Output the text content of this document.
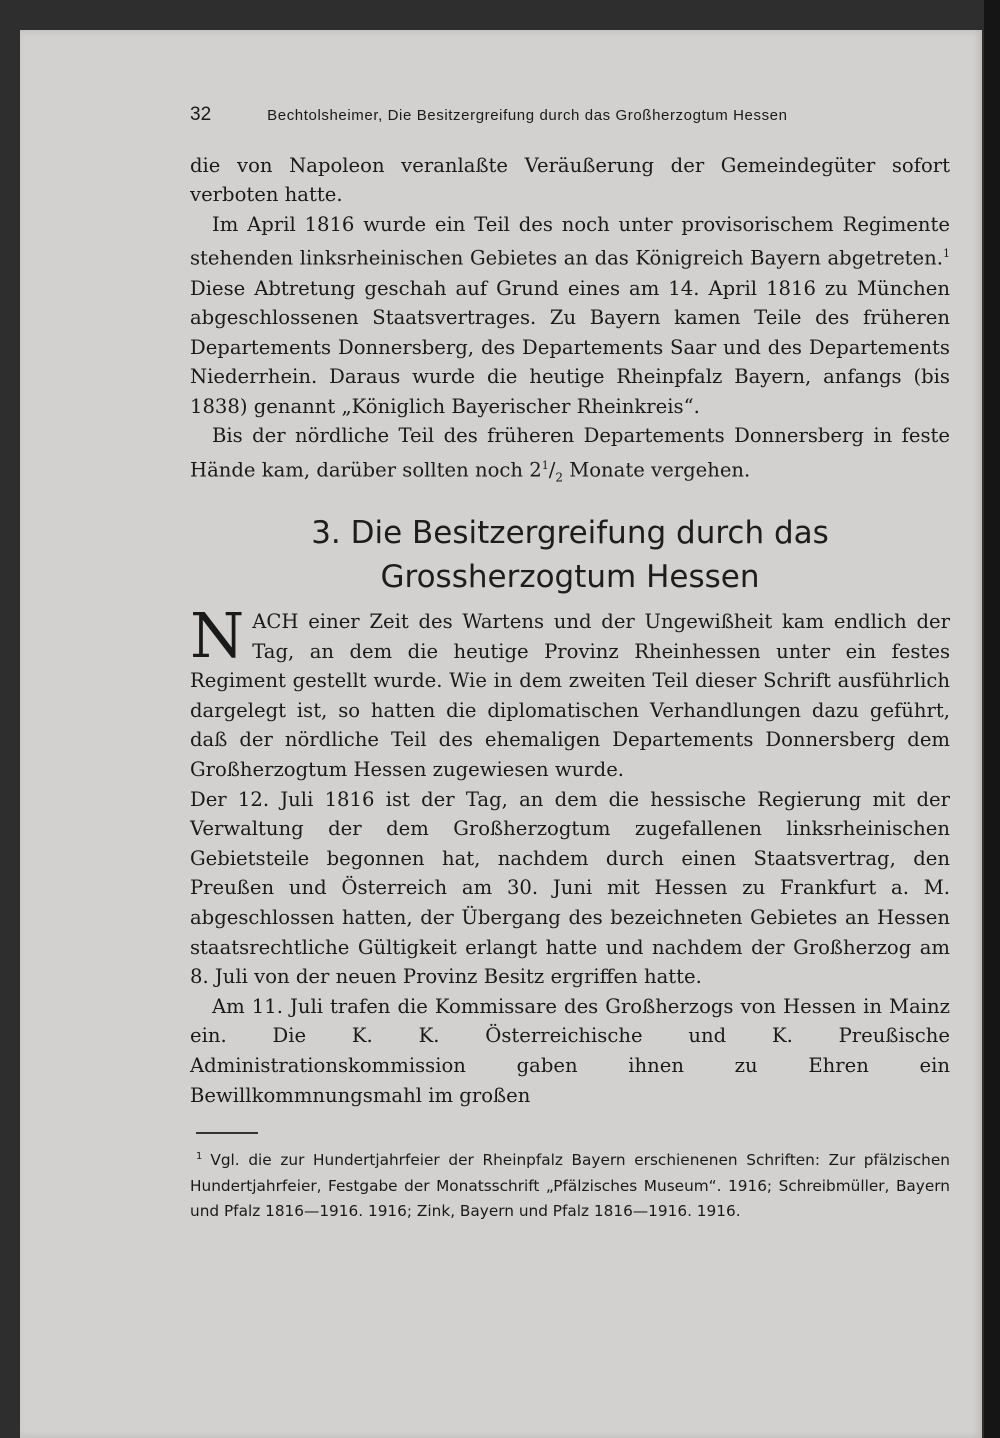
32	Bechtolsheimer, Die Besitzergreifung durch das Großherzogtum Hessen

die von Napoleon veranlaßte Veräußerung der Gemeindegüter sofort verboten hatte.

Im April 1816 wurde ein Teil des noch unter provisorischem Regimente stehenden linksrheinischen Gebietes an das Königreich Bayern abgetreten.$^1$ Diese Abtretung geschah auf Grund eines am 14. April 1816 zu München abgeschlossenen Staatsvertrages. Zu Bayern kamen Teile des früheren Departements Donnersberg, des Departements Saar und des Departements Niederrhein. Daraus wurde die heutige Rheinpfalz Bayern, anfangs (bis 1838) genannt „Königlich Bayerischer Rheinkreis“.

Bis der nördliche Teil des früheren Departements Donnersberg in feste Hände kam, darüber sollten noch $2^1/_2$ Monate vergehen.

3. Die Besitzergreifung durch das
Grossherzogtum Hessen

NACH einer Zeit des Wartens und der Ungewißheit kam endlich der Tag, an dem die heutige Provinz Rheinhessen unter ein festes Regiment gestellt wurde. Wie in dem zweiten Teil dieser Schrift ausführlich dargelegt ist, so hatten die diplomatischen Verhandlungen dazu geführt, daß der nördliche Teil des ehemaligen Departements Donnersberg dem Großherzogtum Hessen zugewiesen wurde.

Der 12. Juli 1816 ist der Tag, an dem die hessische Regierung mit der Verwaltung der dem Großherzogtum zugefallenen linksrheinischen Gebietsteile begonnen hat, nachdem durch einen Staatsvertrag, den Preußen und Österreich am 30. Juni mit Hessen zu Frankfurt a. M. abgeschlossen hatten, der Übergang des bezeichneten Gebietes an Hessen staatsrechtliche Gültigkeit erlangt hatte und nachdem der Großherzog am 8. Juli von der neuen Provinz Besitz ergriffen hatte.

Am 11. Juli trafen die Kommissare des Großherzogs von Hessen in Mainz ein. Die K. K. Österreichische und K. Preußische Administrationskommission gaben ihnen zu Ehren ein Bewillkommnungsmahl im großen

$^1$ Vgl. die zur Hundertjahrfeier der Rheinpfalz Bayern erschienenen Schriften: Zur pfälzischen Hundertjahrfeier, Festgabe der Monatsschrift „Pfälzisches Museum“. 1916; Schreibmüller, Bayern und Pfalz 1816—1916. 1916; Zink, Bayern und Pfalz 1816—1916. 1916.
